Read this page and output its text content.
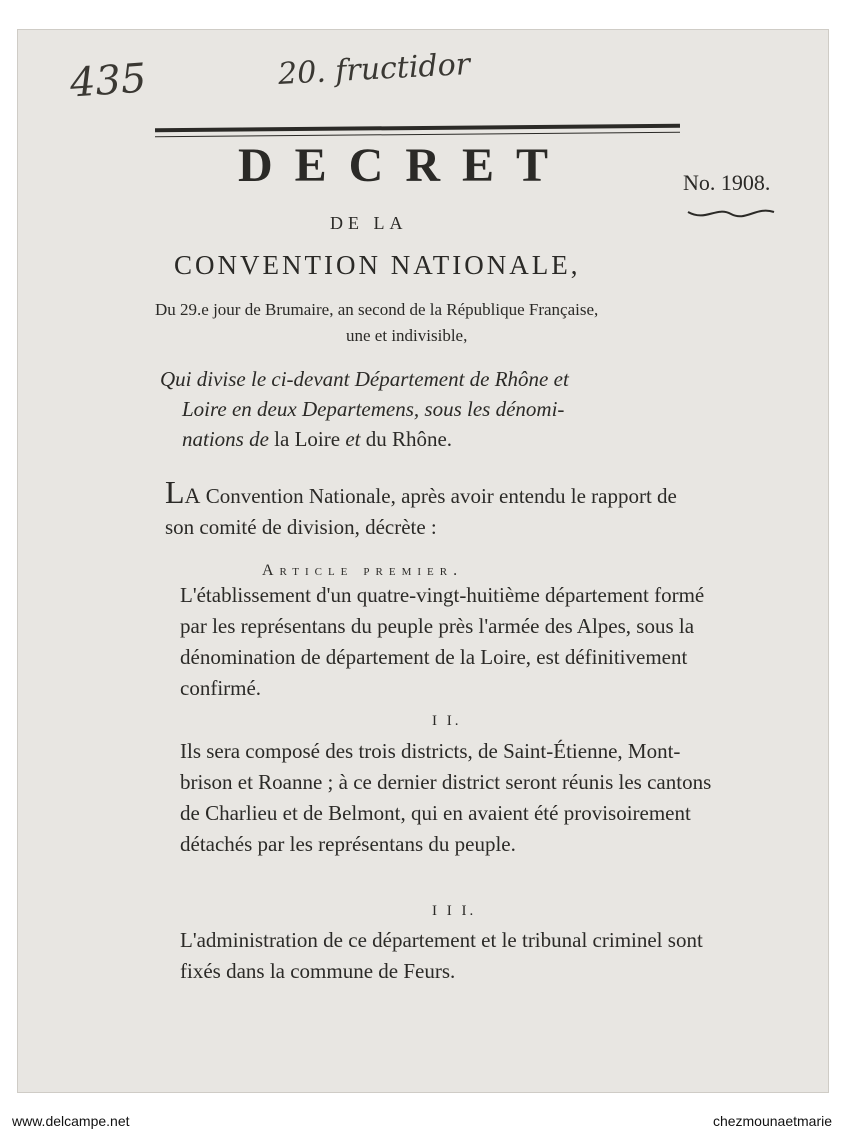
435	20. fructidor
DECRET	No. 1908.
DE LA
CONVENTION NATIONALE,
Du 29.e jour de Brumaire, an second de la République Française,
une et indivisible,
Qui divise le ci-devant Département de Rhône et
Loire en deux Departemens, sous les dénomi-
nations de la Loire et du Rhône.
La Convention Nationale, après avoir entendu le rapport de son comité de division, décrète :
Article premier.
L'établissement d'un quatre-vingt-huitième département formé par les représentans du peuple près l'armée des Alpes, sous la dénomination de département de la Loire, est définitivement confirmé.
I I.
Ils sera composé des trois districts, de Saint-Étienne, Mont-brison et Roanne ; à ce dernier district seront réunis les cantons de Charlieu et de Belmont, qui en avaient été provisoirement détachés par les représentans du peuple.
I I I.
L'administration de ce département et le tribunal criminel sont fixés dans la commune de Feurs.
www.delcampe.net	chezmounaetmarie
